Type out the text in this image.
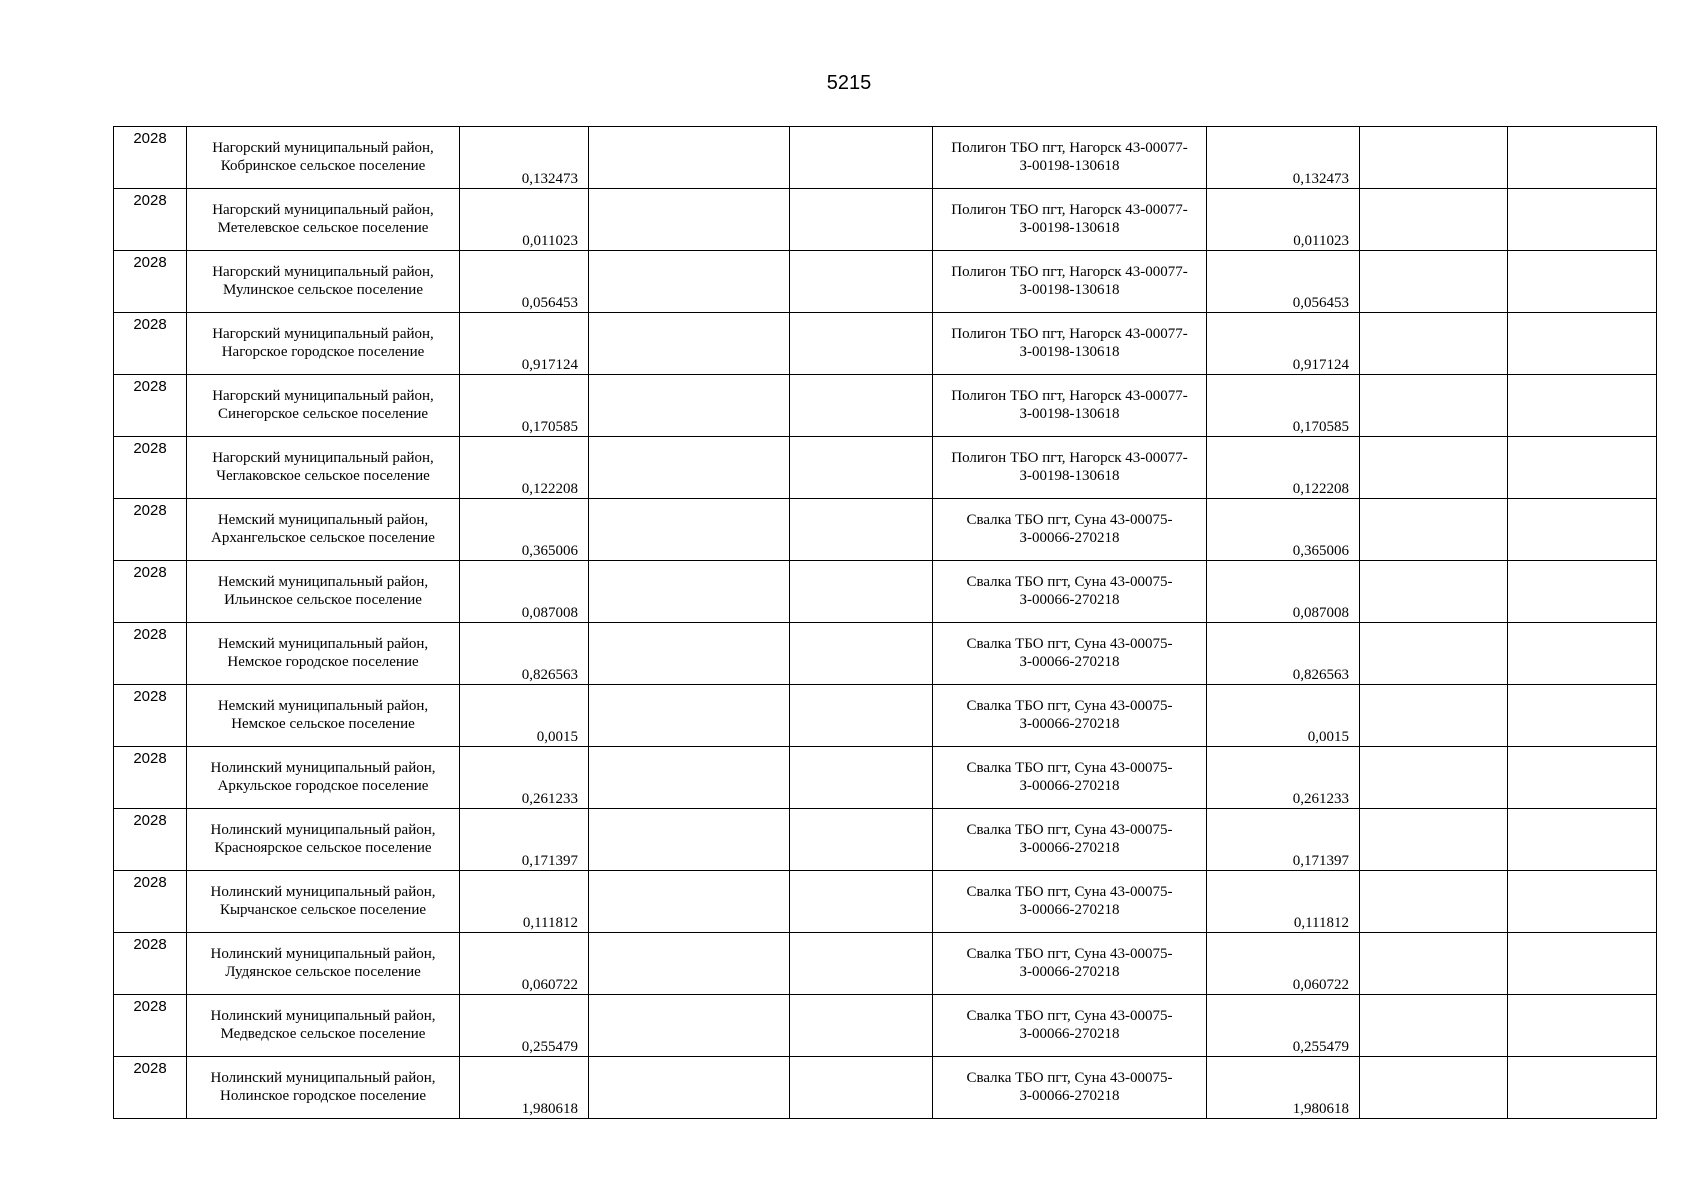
5215
2028	Нагорский муниципальный район, Кобринское сельское поселение	0,132473			Полигон ТБО пгт, Нагорск 43-00077-З-00198-130618	0,132473		

2028	Нагорский муниципальный район, Метелевское сельское поселение	0,011023			Полигон ТБО пгт, Нагорск 43-00077-З-00198-130618	0,011023		

2028	Нагорский муниципальный район, Мулинское сельское поселение	0,056453			Полигон ТБО пгт, Нагорск 43-00077-З-00198-130618	0,056453		

2028	Нагорский муниципальный район, Нагорское городское поселение	0,917124			Полигон ТБО пгт, Нагорск 43-00077-З-00198-130618	0,917124		

2028	Нагорский муниципальный район, Синегорское сельское поселение	0,170585			Полигон ТБО пгт, Нагорск 43-00077-З-00198-130618	0,170585		

2028	Нагорский муниципальный район, Чеглаковское сельское поселение	0,122208			Полигон ТБО пгт, Нагорск 43-00077-З-00198-130618	0,122208		

2028	Немский муниципальный район, Архангельское сельское поселение	0,365006			Свалка ТБО пгт, Суна 43-00075-З-00066-270218	0,365006		

2028	Немский муниципальный район, Ильинское сельское поселение	0,087008			Свалка ТБО пгт, Суна 43-00075-З-00066-270218	0,087008		

2028	Немский муниципальный район, Немское городское поселение	0,826563			Свалка ТБО пгт, Суна 43-00075-З-00066-270218	0,826563		

2028	Немский муниципальный район, Немское сельское поселение	0,0015			Свалка ТБО пгт, Суна 43-00075-З-00066-270218	0,0015		

2028	Нолинский муниципальный район, Аркульское городское поселение	0,261233			Свалка ТБО пгт, Суна 43-00075-З-00066-270218	0,261233		

2028	Нолинский муниципальный район, Красноярское сельское поселение	0,171397			Свалка ТБО пгт, Суна 43-00075-З-00066-270218	0,171397		

2028	Нолинский муниципальный район, Кырчанское сельское поселение	0,111812			Свалка ТБО пгт, Суна 43-00075-З-00066-270218	0,111812		

2028	Нолинский муниципальный район, Лудянское сельское поселение	0,060722			Свалка ТБО пгт, Суна 43-00075-З-00066-270218	0,060722		

2028	Нолинский муниципальный район, Медведское сельское поселение	0,255479			Свалка ТБО пгт, Суна 43-00075-З-00066-270218	0,255479		

2028	Нолинский муниципальный район, Нолинское городское поселение	1,980618			Свалка ТБО пгт, Суна 43-00075-З-00066-270218	1,980618		
